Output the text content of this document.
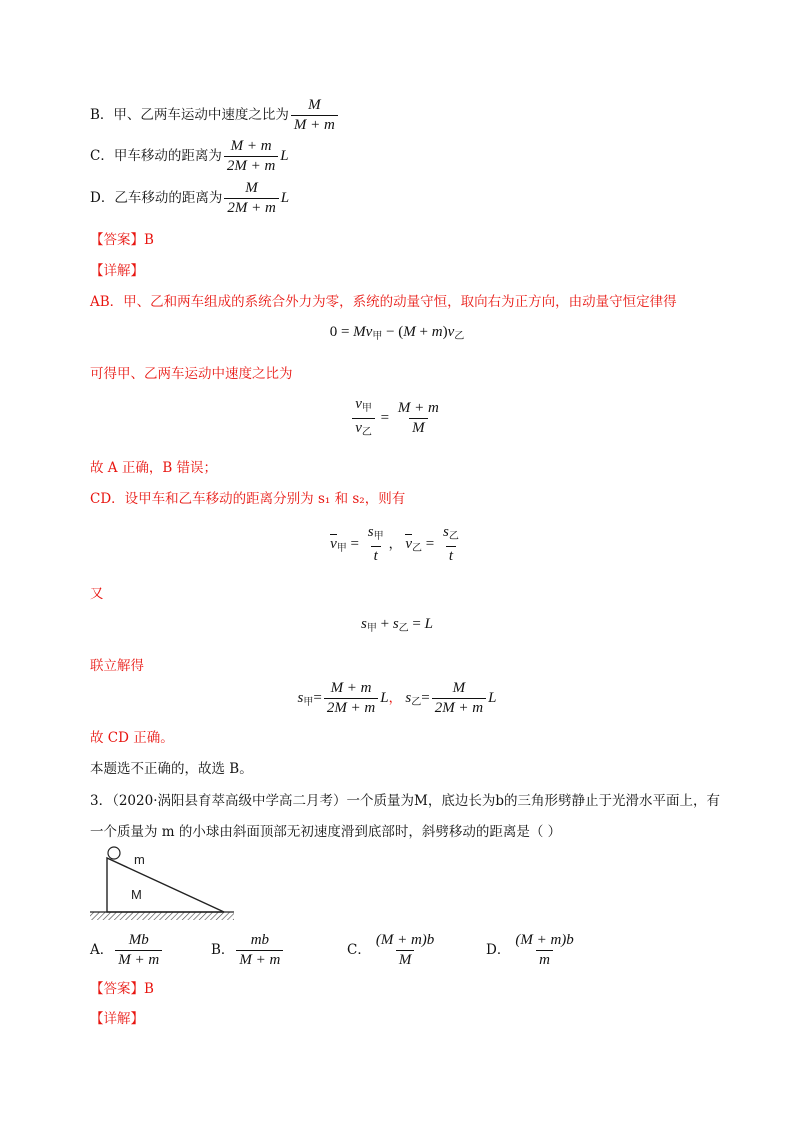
B．甲、乙两车运动中速度之比为 $\frac{M}{M + m}$
C．甲车移动的距离为 $\frac{M + m}{2M + m}$ L
D．乙车移动的距离为 $\frac{M}{2M + m}$ L
【答案】B
【详解】
AB．甲、乙和两车组成的系统合外力为零，系统的动量守恒，取向右为正方向，由动量守恒定律得
$0 = Mv_甲 - (M + m)v_乙$
可得甲、乙两车运动中速度之比为
$\frac{v_甲}{v_乙} = \frac{M + m}{M}$
故 A 正确，B 错误；
CD．设甲车和乙车移动的距离分别为 s₁ 和 s₂，则有
$v_甲 = \frac{s_甲}{t}$ ， $v_乙 = \frac{s_乙}{t}$
又
$s_甲 + s_乙 = L$
联立解得
$s_甲= \frac{M + m}{2M + m}$ L， $s_乙= \frac{M}{2M + m}$ L
故 CD 正确。
本题选不正确的，故选 B。
3．（2020·涡阳县育萃高级中学高二月考）一个质量为M，底边长为b的三角形劈静止于光滑水平面上，有
一个质量为 m 的小球由斜面顶部无初速度滑到底部时，斜劈移动的距离是（ ）
m
M
A． $\frac{Mb}{M + m}$	B． $\frac{mb}{M + m}$	C． $\frac{(M + m)b}{M}$	D． $\frac{(M + m)b}{m}$
【答案】B
【详解】
